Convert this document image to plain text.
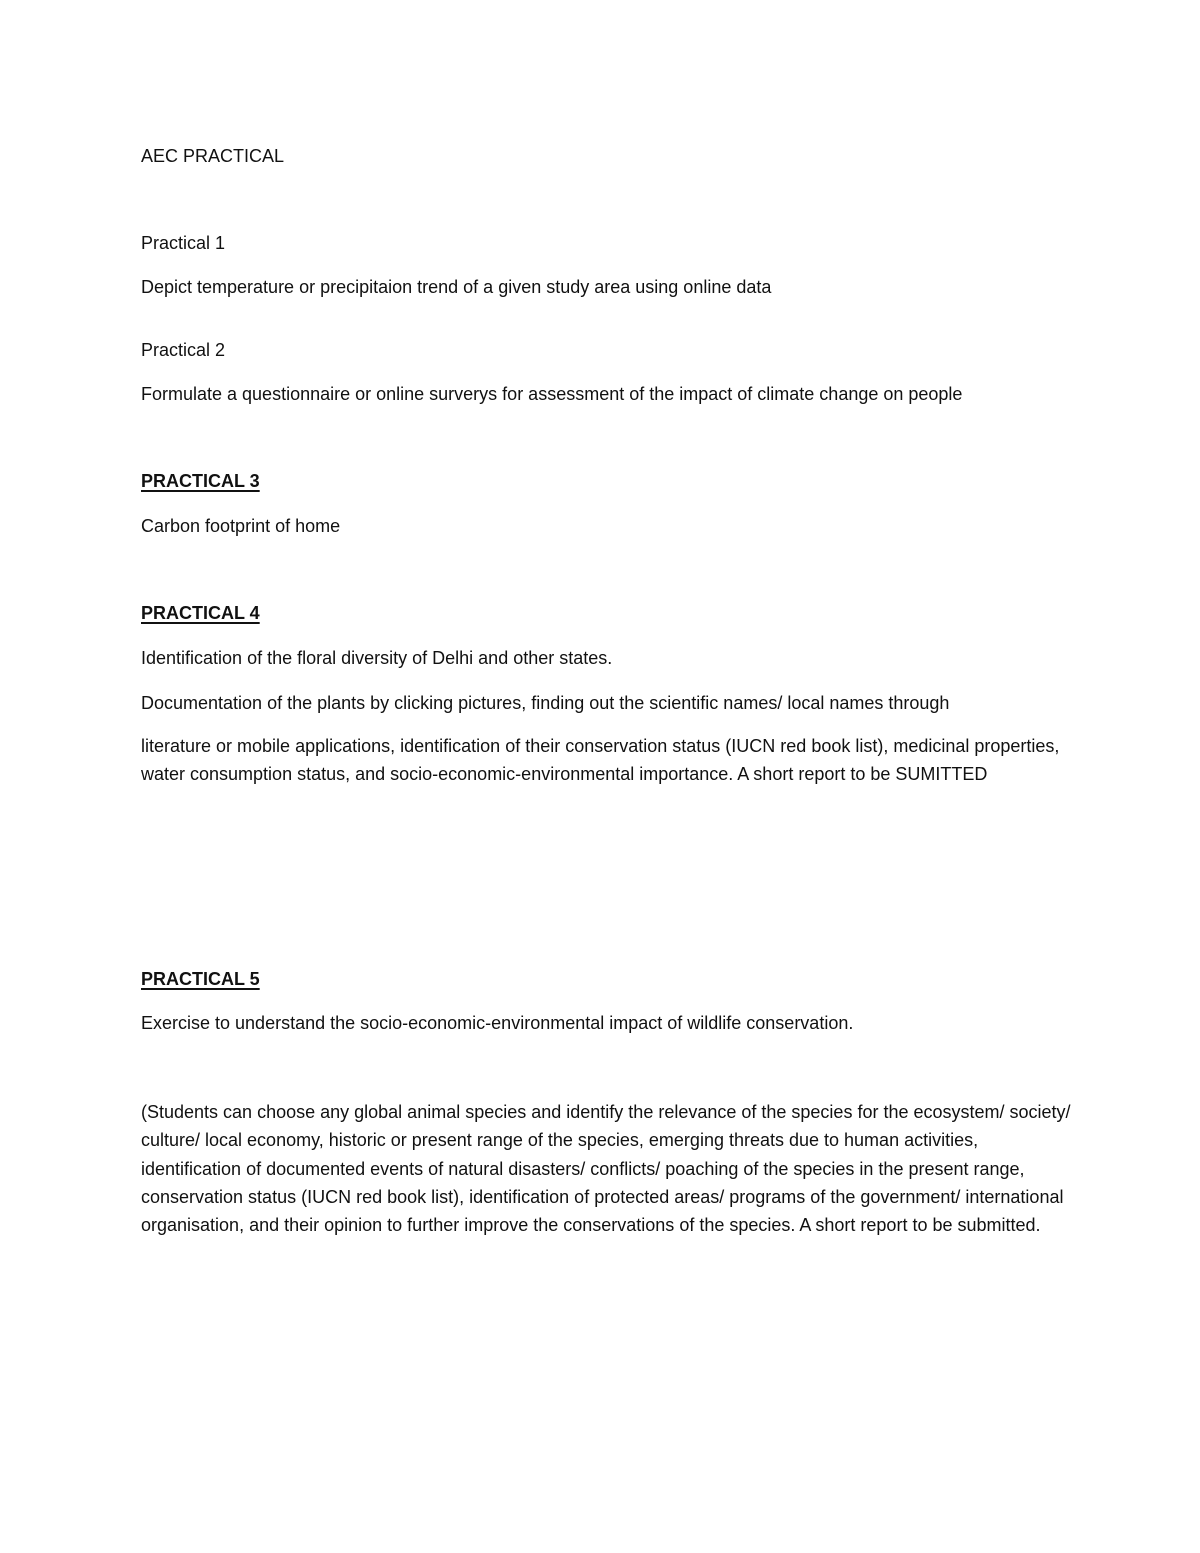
AEC PRACTICAL

Practical 1

Depict temperature or precipitaion trend of a given study area using online data

Practical 2

Formulate a questionnaire or online surverys for assessment of the impact of climate change on people

PRACTICAL 3

Carbon footprint of home

PRACTICAL 4

Identification of the floral diversity of Delhi and other states.

Documentation of the plants by clicking pictures, finding out the scientific names/ local names through

literature or mobile applications, identification of their conservation status (IUCN red book list), medicinal properties, water consumption status, and socio-economic-environmental importance. A short report to be SUMITTED

PRACTICAL 5

Exercise to understand the socio-economic-environmental impact of wildlife conservation.

(Students can choose any global animal species and identify the relevance of the species for the ecosystem/ society/ culture/ local economy, historic or present range of the species, emerging threats due to human activities, identification of documented events of natural disasters/ conflicts/ poaching of the species in the present range, conservation status (IUCN red book list), identification of protected areas/ programs of the government/ international organisation, and their opinion to further improve the conservations of the species. A short report to be submitted.
